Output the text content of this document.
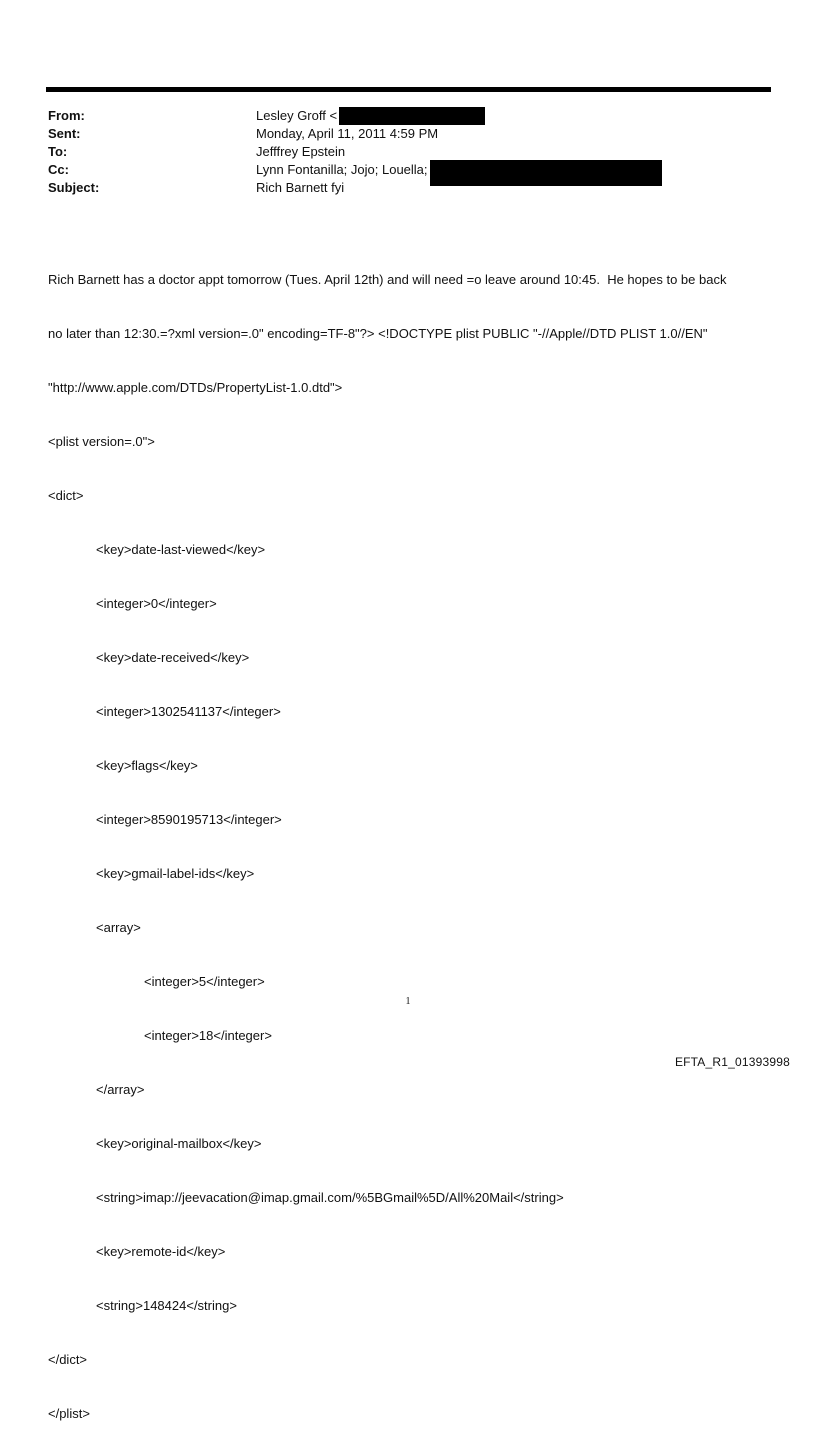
From:	Lesley Groff <
Sent:	Monday, April 11, 2011 4:59 PM
To:	Jefffrey Epstein
Cc:	Lynn Fontanilla; Jojo; Louella;
Subject:	Rich Barnett fyi

Rich Barnett has a doctor appt tomorrow (Tues. April 12th) and will need =o leave around 10:45.  He hopes to be back

no later than 12:30.=?xml version=.0" encoding=TF-8"?> <!DOCTYPE plist PUBLIC "-//Apple//DTD PLIST 1.0//EN"

"http://www.apple.com/DTDs/PropertyList-1.0.dtd">

<plist version=.0">

<dict>

<key>date-last-viewed</key>

<integer>0</integer>

<key>date-received</key>

<integer>1302541137</integer>

<key>flags</key>

<integer>8590195713</integer>

<key>gmail-label-ids</key>

<array>

<integer>5</integer>

<integer>18</integer>

</array>

<key>original-mailbox</key>

<string>imap://jeevacation@imap.gmail.com/%5BGmail%5D/All%20Mail</string>

<key>remote-id</key>

<string>148424</string>

</dict>

</plist>

1
EFTA_R1_01393998
